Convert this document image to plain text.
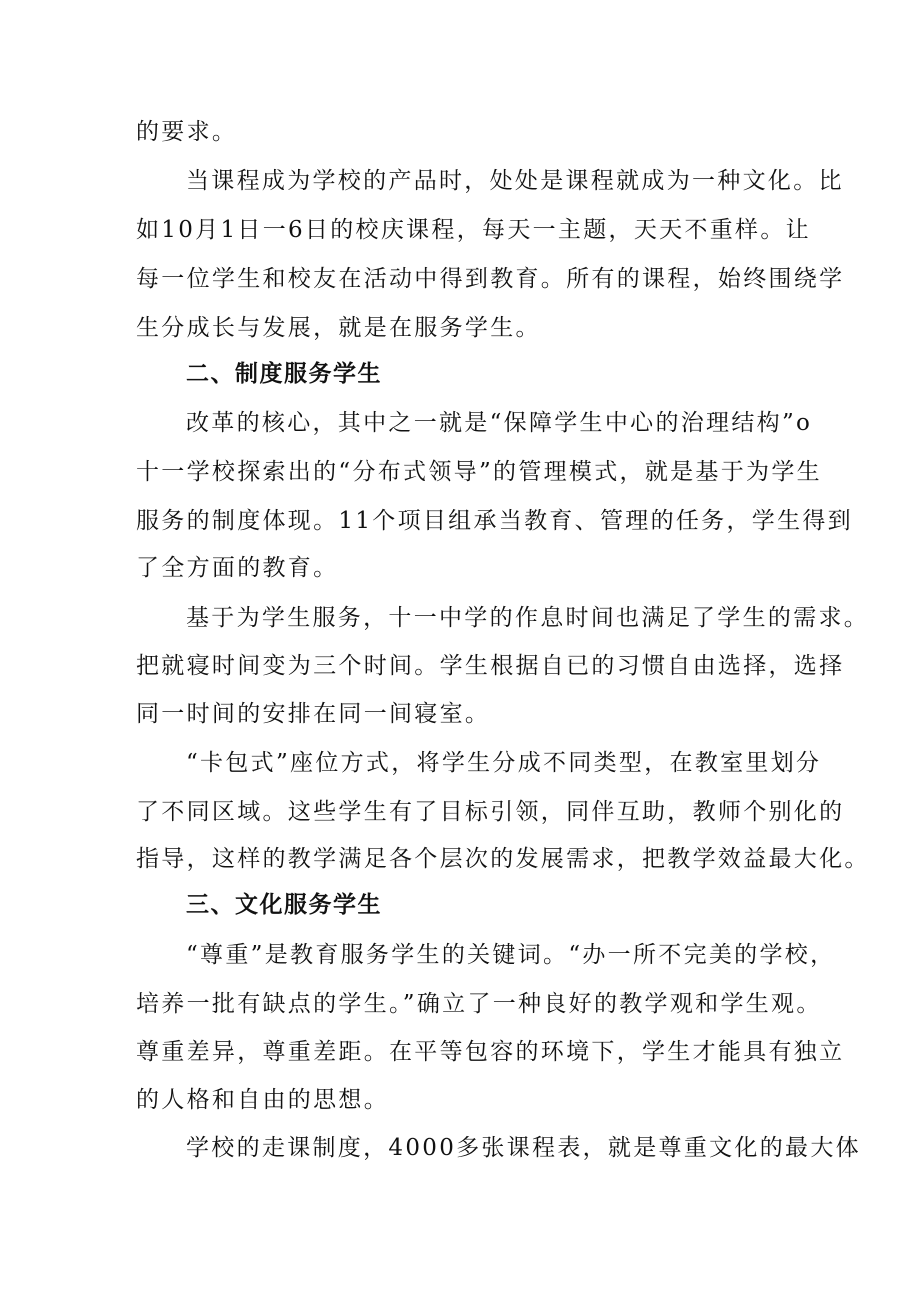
的要求。
当课程成为学校的产品时，处处是课程就成为一种文化。比
如10月1日一6日的校庆课程，每天一主题，天天不重样。让
每一位学生和校友在活动中得到教育。所有的课程，始终围绕学
生分成长与发展，就是在服务学生。
二、制度服务学生
改革的核心，其中之一就是“保障学生中心的治理结构”o
十一学校探索出的“分布式领导”的管理模式，就是基于为学生
服务的制度体现。11个项目组承当教育、管理的任务，学生得到
了全方面的教育。
基于为学生服务，十一中学的作息时间也满足了学生的需求。
把就寝时间变为三个时间。学生根据自已的习惯自由选择，选择
同一时间的安排在同一间寝室。
“卡包式”座位方式，将学生分成不同类型，在教室里划分
了不同区域。这些学生有了目标引领，同伴互助，教师个别化的
指导，这样的教学满足各个层次的发展需求，把教学效益最大化。
三、文化服务学生
“尊重”是教育服务学生的关键词。“办一所不完美的学校，
培养一批有缺点的学生。”确立了一种良好的教学观和学生观。
尊重差异，尊重差距。在平等包容的环境下，学生才能具有独立
的人格和自由的思想。
学校的走课制度，4000多张课程表，就是尊重文化的最大体
